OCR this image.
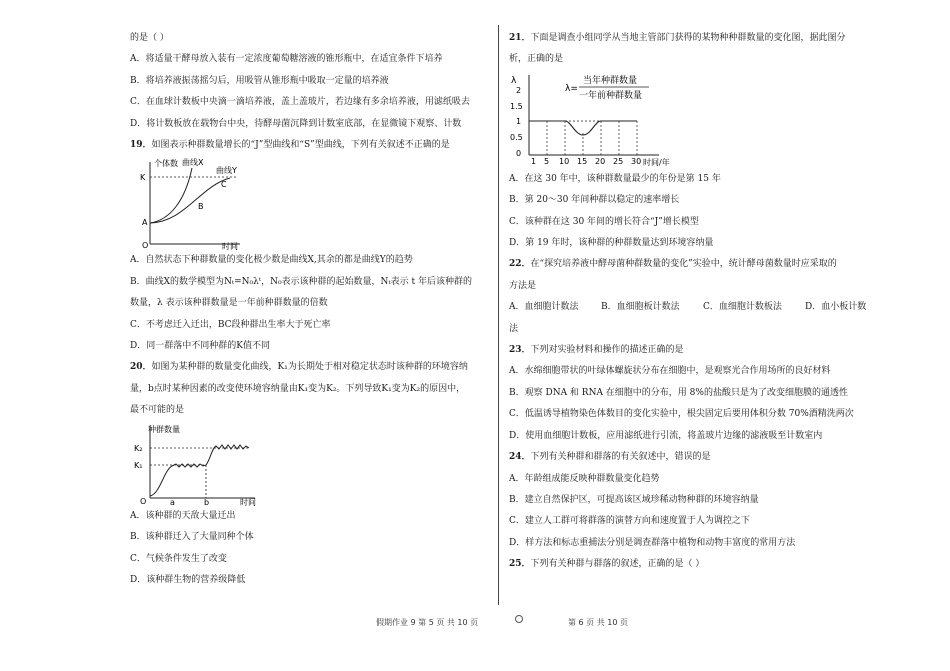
的是（ ）
A．将适量干酵母放入装有一定浓度葡萄糖溶液的锥形瓶中，在适宜条件下培养
B．将培养液振荡摇匀后，用吸管从锥形瓶中吸取一定量的培养液
C．在血球计数板中央滴一滴培养液，盖上盖玻片，若边缘有多余培养液，用滤纸吸去
D．将计数板放在载物台中央，待酵母菌沉降到计数室底部，在显微镜下观察、计数
19．如图表示种群数量增长的“J”型曲线和“S”型曲线，下列有关叙述不正确的是
个体数 曲线X
曲线Y
K
A
B
C
O	时间
A．自然状态下种群数量的变化极少数是曲线X,其余的都是曲线Y的趋势
B．曲线X的数学模型为Nₜ=N₀λᵗ，N₀表示该种群的起始数量，Nₜ表示 t 年后该种群的
数量，λ 表示该种群数量是一年前种群数量的倍数
C．不考虑迁入迁出，BC段种群出生率大于死亡率
D．同一群落中不同种群的K值不同
20．如图为某种群的数量变化曲线，K₁为长期处于相对稳定状态时该种群的环境容纳
量，b点时某种因素的改变使环境容纳量由K₁变为K₂。下列导致K₁变为K₂的原因中，
最不可能的是
种群数量
K₂
K₁
O	a	b	时间
A．该种群的天敌大量迁出
B．该种群迁入了大量同种个体
C．气候条件发生了改变
D．该种群生物的营养级降低
21．下面是调查小组同学从当地主管部门获得的某物种种群数量的变化图，据此图分
析，正确的是
λ
2
1.5
1
0.5
0
1 5 10 15 20 25 30 时间/年
λ=
当年种群数量
一年前种群数量
A．在这 30 年中，该种群数量最少的年份是第 15 年
B．第 20～30 年间种群以稳定的速率增长
C．该种群在这 30 年间的增长符合“J”增长模型
D．第 19 年时，该种群的种群数量达到环境容纳量
22．在“探究培养液中酵母菌种群数量的变化”实验中，统计酵母菌数量时应采取的
方法是
A．血细胞计数法	B．血细胞板计数法	C．血细胞计数板法	D．血小板计数
法
23．下列对实验材料和操作的描述正确的是
A．水绵细胞带状的叶绿体螺旋状分布在细胞中，是观察光合作用场所的良好材料
B．观察 DNA 和 RNA 在细胞中的分布，用 8%的盐酸只是为了改变细胞膜的通透性
C．低温诱导植物染色体数目的变化实验中，根尖固定后要用体积分数 70%酒精洗两次
D．使用血细胞计数板，应用滤纸进行引流，将盖玻片边缘的滤液吸至计数室内
24．下列有关种群和群落的有关叙述中，错误的是
A．年龄组成能反映种群数量变化趋势
B．建立自然保护区，可提高该区域珍稀动物种群的环境容纳量
C．建立人工群可将群落的演替方向和速度置于人为调控之下
D．样方法和标志重捕法分别是调查群落中植物和动物丰富度的常用方法
25．下列有关种群与群落的叙述，正确的是（ ）
假期作业 9 第 5 页 共 10 页	第 6 页 共 10 页
